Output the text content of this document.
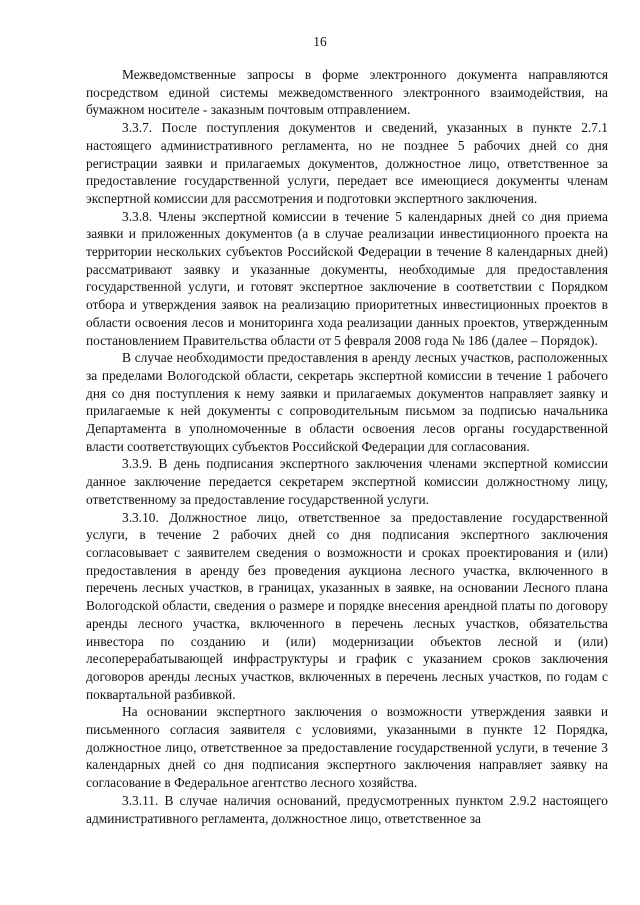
16

Межведомственные запросы в форме электронного документа направляются посредством единой системы межведомственного электронного взаимодействия, на бумажном носителе - заказным почтовым отправлением.

3.3.7. После поступления документов и сведений, указанных в пункте 2.7.1 настоящего административного регламента, но не позднее 5 рабочих дней со дня регистрации заявки и прилагаемых документов, должностное лицо, ответственное за предоставление государственной услуги, передает все имеющиеся документы членам экспертной комиссии для рассмотрения и подготовки экспертного заключения.

3.3.8. Члены экспертной комиссии в течение 5 календарных дней со дня приема заявки и приложенных документов (а в случае реализации инвестиционного проекта на территории нескольких субъектов Российской Федерации в течение 8 календарных дней) рассматривают заявку и указанные документы, необходимые для предоставления государственной услуги, и готовят экспертное заключение в соответствии с Порядком отбора и утверждения заявок на реализацию приоритетных инвестиционных проектов в области освоения лесов и мониторинга хода реализации данных проектов, утвержденным постановлением Правительства области от 5 февраля 2008 года № 186 (далее – Порядок).

В случае необходимости предоставления в аренду лесных участков, расположенных за пределами Вологодской области, секретарь экспертной комиссии в течение 1 рабочего дня со дня поступления к нему заявки и прилагаемых документов направляет заявку и прилагаемые к ней документы с сопроводительным письмом за подписью начальника Департамента в уполномоченные в области освоения лесов органы государственной власти соответствующих субъектов Российской Федерации для согласования.

3.3.9. В день подписания экспертного заключения членами экспертной комиссии данное заключение передается секретарем экспертной комиссии должностному лицу, ответственному за предоставление государственной услуги.

3.3.10. Должностное лицо, ответственное за предоставление государственной услуги, в течение 2 рабочих дней со дня подписания экспертного заключения согласовывает с заявителем сведения о возможности и сроках проектирования и (или) предоставления в аренду без проведения аукциона лесного участка, включенного в перечень лесных участков, в границах, указанных в заявке, на основании Лесного плана Вологодской области, сведения о размере и порядке внесения арендной платы по договору аренды лесного участка, включенного в перечень лесных участков, обязательства инвестора по созданию и (или) модернизации объектов лесной и (или) лесоперерабатывающей инфраструктуры и график с указанием сроков заключения договоров аренды лесных участков, включенных в перечень лесных участков, по годам с поквартальной разбивкой.

На основании экспертного заключения о возможности утверждения заявки и письменного согласия заявителя с условиями, указанными в пункте 12 Порядка, должностное лицо, ответственное за предоставление государственной услуги, в течение 3 календарных дней со дня подписания экспертного заключения направляет заявку на согласование в Федеральное агентство лесного хозяйства.

3.3.11. В случае наличия оснований, предусмотренных пунктом 2.9.2 настоящего административного регламента, должностное лицо, ответственное за
